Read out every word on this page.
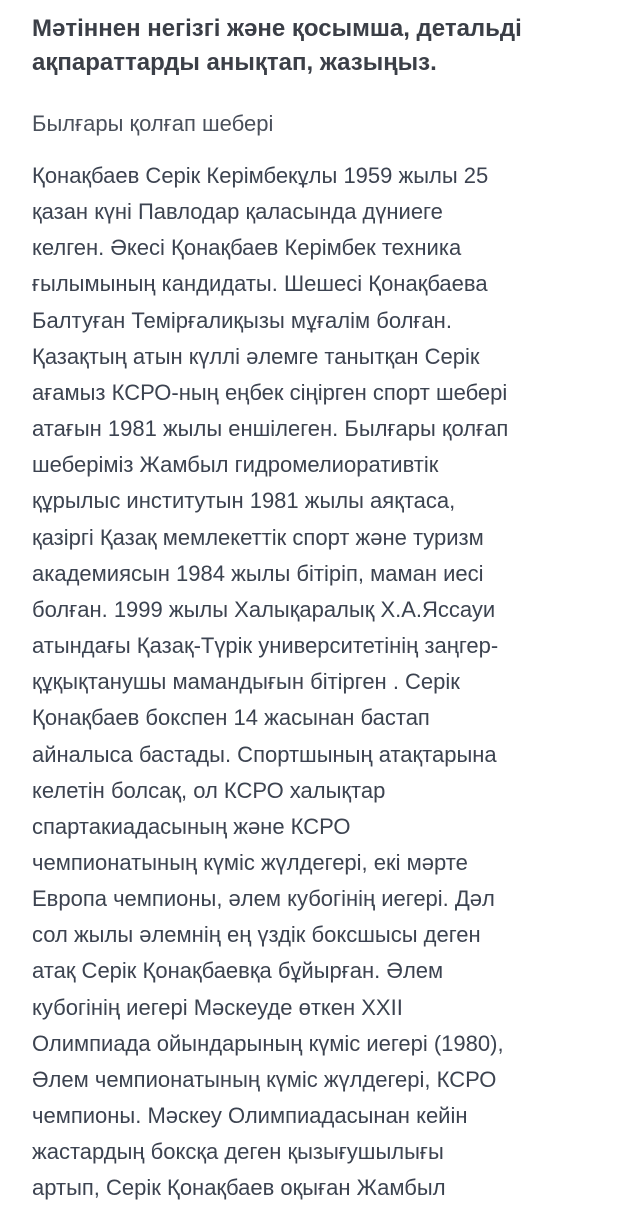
Мәтіннен негізгі және қосымша, детальді
ақпараттарды анықтап, жазыңыз.
Былғары қолғап шебері
Қонақбаев Серік Керімбекұлы 1959 жылы 25
қазан күні Павлодар қаласында дүниеге
келген. Әкесі Қонақбаев Керімбек техника
ғылымының кандидаты. Шешесі Қонақбаева
Балтуған Темірғалиқызы мұғалім болған.
Қазақтың атын күллі әлемге танытқан Серік
ағамыз КСРО-ның еңбек сіңірген спорт шебері
атағын 1981 жылы еншілеген. Былғары қолғап
шеберіміз Жамбыл гидромелиоративтік
құрылыс институтын 1981 жылы аяқтаса,
қазіргі Қазақ мемлекеттік спорт және туризм
академиясын 1984 жылы бітіріп, маман иесі
болған. 1999 жылы Халықаралық Х.А.Яссауи
атындағы Қазақ-Түрік университетінің заңгер-
құқықтанушы мамандығын бітірген . Серік
Қонақбаев бокспен 14 жасынан бастап
айналыса бастады. Спортшының атақтарына
келетін болсақ, ол КСРО халықтар
спартакиадасының және КСРО
чемпионатының күміс жүлдегері, екі мәрте
Европа чемпионы, әлем кубогінің иегері. Дәл
сол жылы әлемнің ең үздік боксшысы деген
атақ Серік Қонақбаевқа бұйырған. Әлем
кубогінің иегері Мәскеуде өткен XXII
Олимпиада ойындарының күміс иегері (1980),
Әлем чемпионатының күміс жүлдегері, КСРО
чемпионы. Мәскеу Олимпиадасынан кейін
жастардың боксқа деген қызығушылығы
артып, Серік Қонақбаев оқыған Жамбыл
